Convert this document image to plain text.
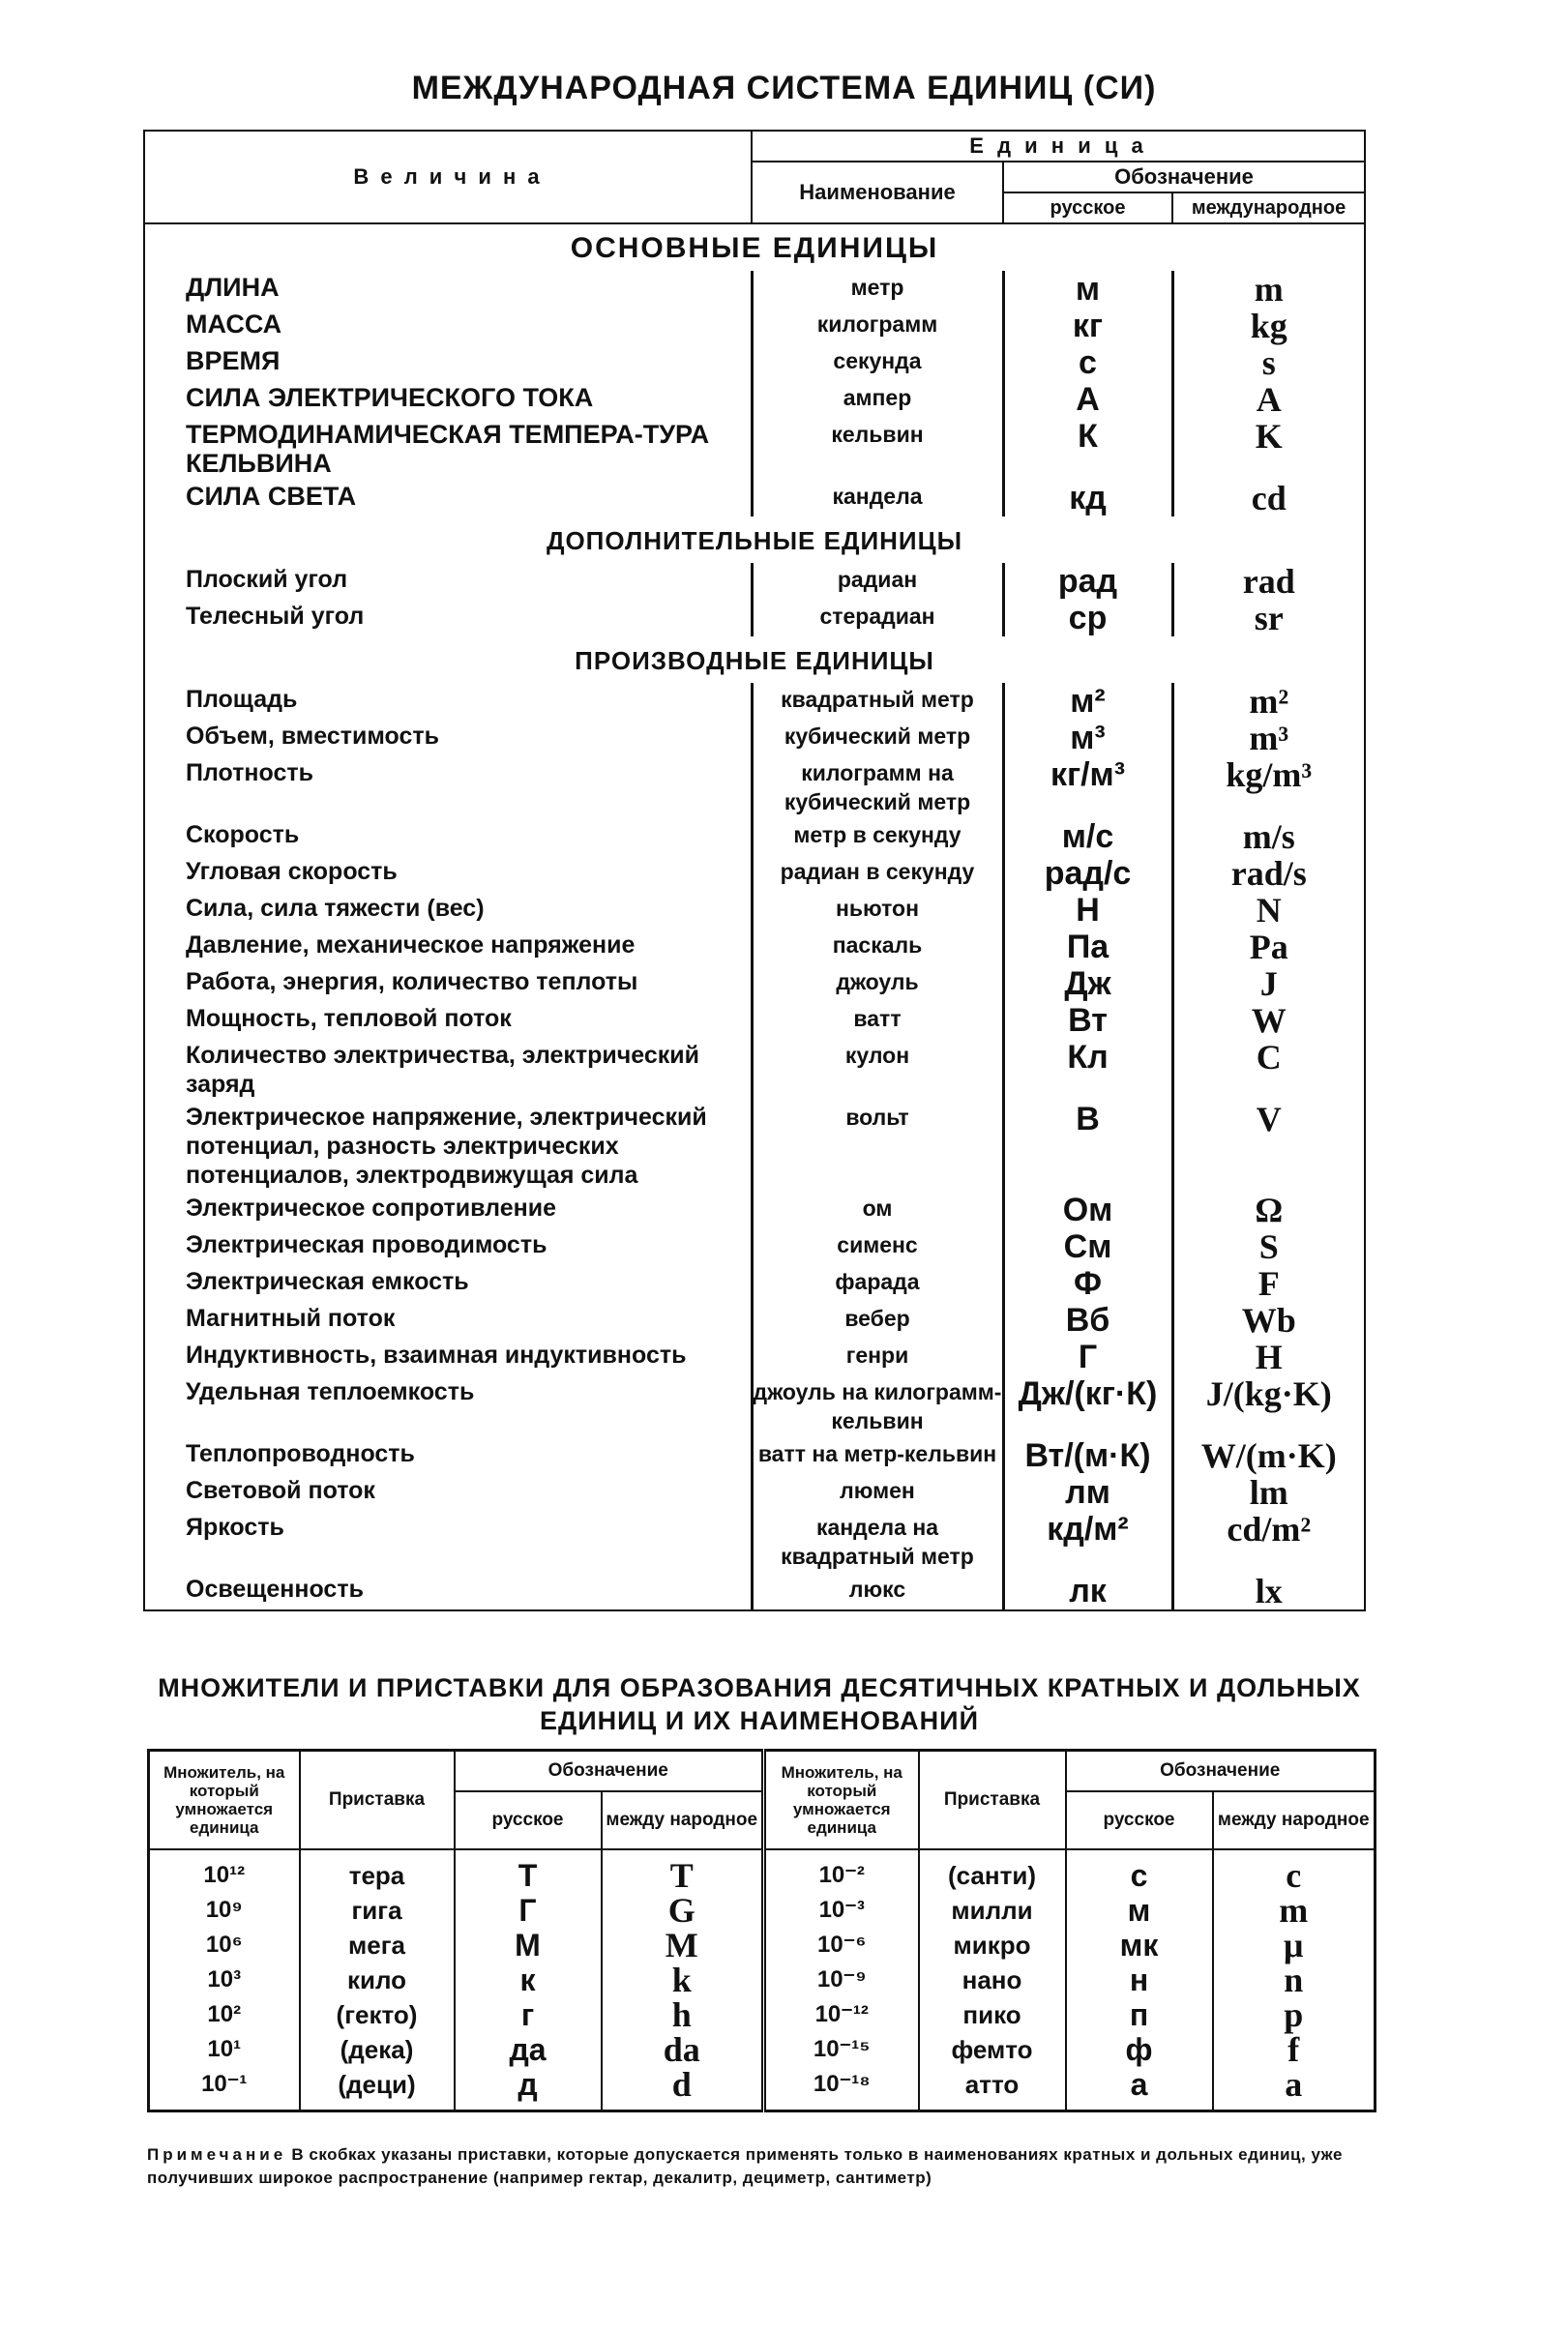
МЕЖДУНАРОДНАЯ СИСТЕМА ЕДИНИЦ (СИ)
В е л и ч и н а	Е д и н и ц а		
	Наименование	Обозначение	
		русское	международное
ОСНОВНЫЕ ЕДИНИЦЫ			
ДЛИНА	метр	м	m
МАССА	килограмм	кг	kg
ВРЕМЯ	секунда	с	s
СИЛА ЭЛЕКТРИЧЕСКОГО ТОКА	ампер	А	A
ТЕРМОДИНАМИЧЕСКАЯ ТЕМПЕРА-ТУРА КЕЛЬВИНА	кельвин	К	K
СИЛА СВЕТА	кандела	кд	cd
ДОПОЛНИТЕЛЬНЫЕ ЕДИНИЦЫ			
Плоский угол	радиан	рад	rad
Телесный угол	стерадиан	ср	sr
ПРОИЗВОДНЫЕ ЕДИНИЦЫ			
Площадь	квадратный метр	м²	m²
Объем, вместимость	кубический метр	м³	m³
Плотность	килограмм на кубический метр	кг/м³	kg/m³
Скорость	метр в секунду	м/с	m/s
Угловая скорость	радиан в секунду	рад/с	rad/s
Сила, сила тяжести (вес)	ньютон	Н	N
Давление, механическое напряжение	паскаль	Па	Pa
Работа, энергия, количество теплоты	джоуль	Дж	J
Мощность, тепловой поток	ватт	Вт	W
Количество электричества, электрический заряд	кулон	Кл	C
Электрическое напряжение, электрический потенциал, разность электрических потенциалов, электродвижущая сила	вольт	В	V
Электрическое сопротивление	ом	Ом	Ω
Электрическая проводимость	сименс	См	S
Электрическая емкость	фарада	Ф	F
Магнитный поток	вебер	Вб	Wb
Индуктивность, взаимная индуктивность	генри	Г	H
Удельная теплоемкость	джоуль на килограмм-кельвин	Дж/(кг·К)	J/(kg·K)
Теплопроводность	ватт на метр-кельвин	Вт/(м·К)	W/(m·K)
Световой поток	люмен	лм	lm
Яркость	кандела на квадратный метр	кд/м²	cd/m²
Освещенность	люкс	лк	lx
МНОЖИТЕЛИ И ПРИСТАВКИ ДЛЯ ОБРАЗОВАНИЯ ДЕСЯТИЧНЫХ КРАТНЫХ И ДОЛЬНЫХ ЕДИНИЦ И ИХ НАИМЕНОВАНИЙ
Множитель, на который умножается единица	Приставка	Обозначение		Множитель, на который умножается единица	Приставка	Обозначение	
		русское	между народное			русское	между народное
10¹²	тера	Т	T	10⁻²	(санти)	с	c
10⁹	гига	Г	G	10⁻³	милли	м	m
10⁶	мега	М	M	10⁻⁶	микро	мк	μ
10³	кило	к	k	10⁻⁹	нано	н	n
10²	(гекто)	г	h	10⁻¹²	пико	п	p
10¹	(дека)	да	da	10⁻¹⁵	фемто	ф	f
10⁻¹	(деци)	д	d	10⁻¹⁸	атто	а	a
Примечание В скобках указаны приставки, которые допускается применять только в наименованиях кратных и дольных единиц, уже получивших широкое распространение (например гектар, декалитр, дециметр, сантиметр)
